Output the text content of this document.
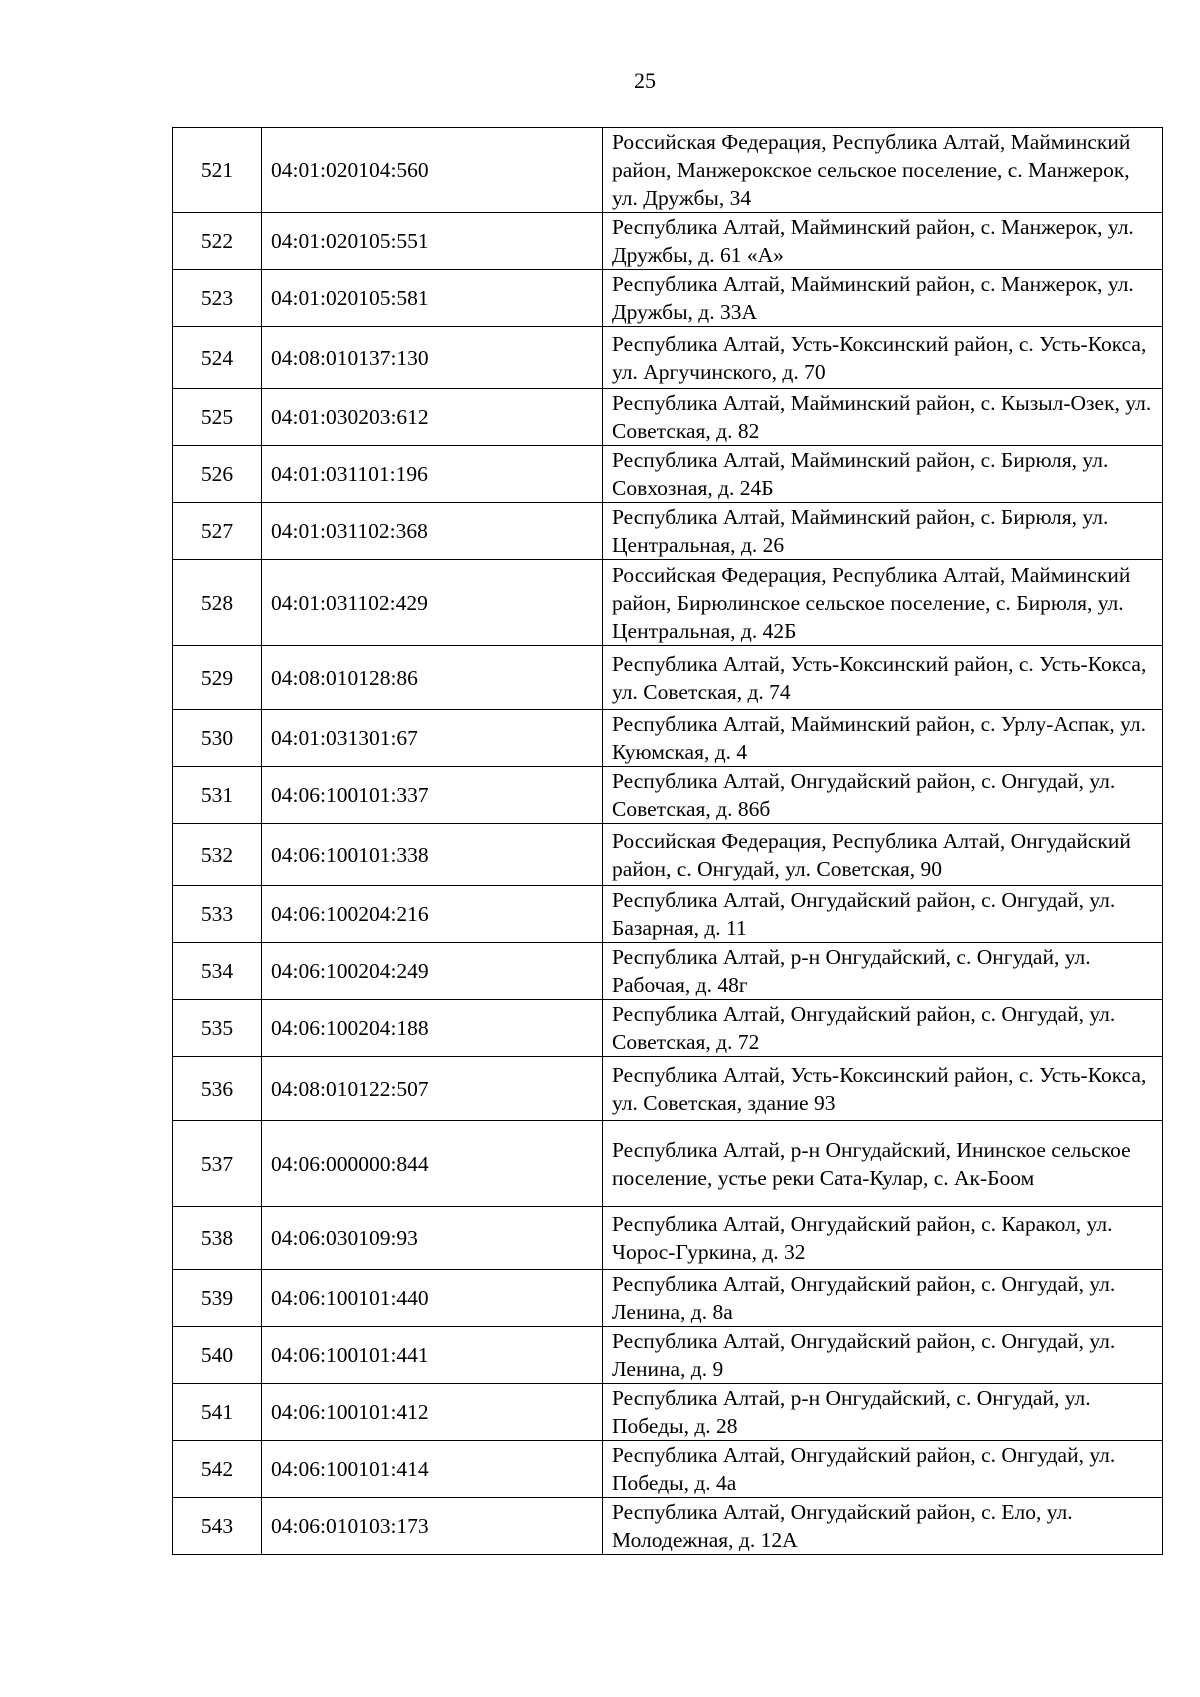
25
521	04:01:020104:560	Российская Федерация, Республика Алтай, Майминский район, Манжерокское сельское поселение, с. Манжерок, ул. Дружбы, 34
522	04:01:020105:551	Республика Алтай, Майминский район, с. Манжерок, ул. Дружбы, д. 61 «А»
523	04:01:020105:581	Республика Алтай, Майминский район, с. Манжерок, ул. Дружбы, д. 33А
524	04:08:010137:130	Республика Алтай, Усть-Коксинский район, с. Усть-Кокса, ул. Аргучинского, д. 70
525	04:01:030203:612	Республика Алтай, Майминский район, с. Кызыл-Озек, ул. Советская, д. 82
526	04:01:031101:196	Республика Алтай, Майминский район, с. Бирюля, ул. Совхозная, д. 24Б
527	04:01:031102:368	Республика Алтай, Майминский район, с. Бирюля, ул. Центральная, д. 26
528	04:01:031102:429	Российская Федерация, Республика Алтай, Майминский район, Бирюлинское сельское поселение, с. Бирюля, ул. Центральная, д. 42Б
529	04:08:010128:86	Республика Алтай, Усть-Коксинский район, с. Усть-Кокса, ул. Советская, д. 74
530	04:01:031301:67	Республика Алтай, Майминский район, с. Урлу-Аспак, ул. Куюмская, д. 4
531	04:06:100101:337	Республика Алтай, Онгудайский район, с. Онгудай, ул. Советская, д. 86б
532	04:06:100101:338	Российская Федерация, Республика Алтай, Онгудайский район, с. Онгудай, ул. Советская, 90
533	04:06:100204:216	Республика Алтай, Онгудайский район, с. Онгудай, ул. Базарная, д. 11
534	04:06:100204:249	Республика Алтай, р-н Онгудайский, с. Онгудай, ул. Рабочая, д. 48г
535	04:06:100204:188	Республика Алтай, Онгудайский район, с. Онгудай, ул. Советская, д. 72
536	04:08:010122:507	Республика Алтай, Усть-Коксинский район, с. Усть-Кокса, ул. Советская, здание 93
537	04:06:000000:844	Республика Алтай, р-н Онгудайский, Ининское сельское поселение, устье реки Сата-Кулар, с. Ак-Боом
538	04:06:030109:93	Республика Алтай, Онгудайский район, с. Каракол, ул. Чорос-Гуркина, д. 32
539	04:06:100101:440	Республика Алтай, Онгудайский район, с. Онгудай, ул. Ленина, д. 8а
540	04:06:100101:441	Республика Алтай, Онгудайский район, с. Онгудай, ул. Ленина, д. 9
541	04:06:100101:412	Республика Алтай, р-н Онгудайский, с. Онгудай, ул. Победы, д. 28
542	04:06:100101:414	Республика Алтай, Онгудайский район, с. Онгудай, ул. Победы, д. 4а
543	04:06:010103:173	Республика Алтай, Онгудайский район, с. Ело, ул. Молодежная, д. 12А
